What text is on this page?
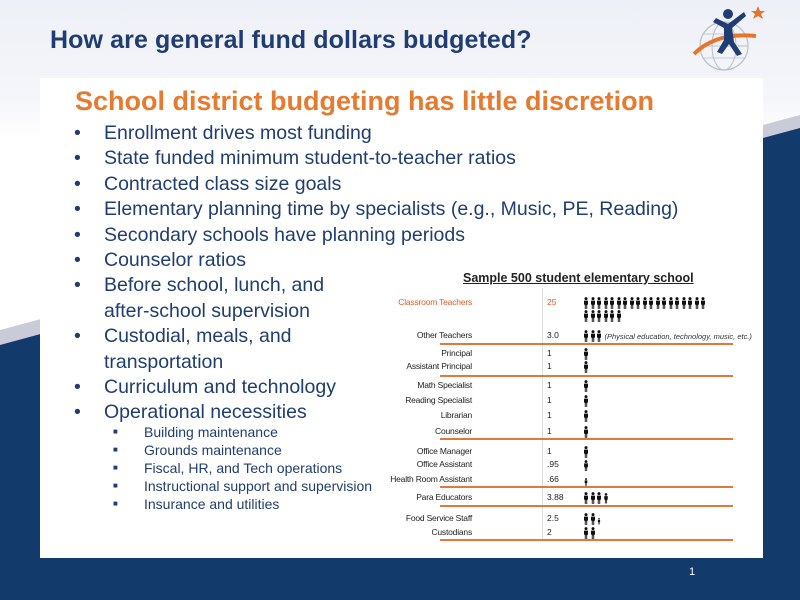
How are general fund dollars budgeted?
School district budgeting has little discretion
•	Enrollment drives most funding
•	State funded minimum student-to-teacher ratios
•	Contracted class size goals
•	Elementary planning time by specialists (e.g., Music, PE, Reading)
•	Secondary schools have planning periods
•	Counselor ratios
•	Before school, lunch, and after-school supervision
•	Custodial, meals, and transportation
•	Curriculum and technology
•	Operational necessities
■	Building maintenance
■	Grounds maintenance
■	Fiscal, HR, and Tech operations
■	Instructional support and supervision
■	Insurance and utilities
Sample 500 student elementary school
Classroom Teachers	25
Other Teachers	3.0	(Physical education, technology, music, etc.)
Principal	1
Assistant Principal	1
Math Specialist	1
Reading Specialist	1
Librarian	1
Counselor	1
Office Manager	1
Office Assistant	.95
Health Room Assistant	.66
Para Educators	3.88
Food Service Staff	2.5
Custodians	2
1
